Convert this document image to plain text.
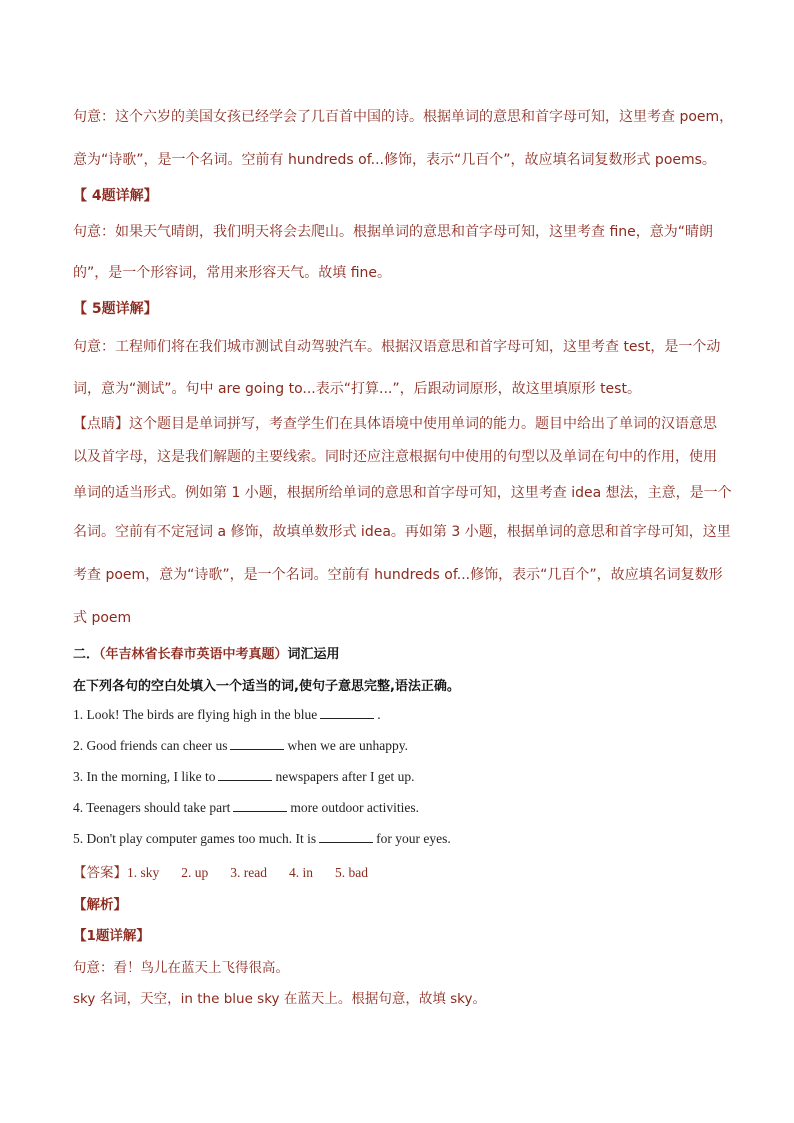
句意：这个六岁的美国女孩已经学会了几百首中国的诗。根据单词的意思和首字母可知，这里考查 poem，
意为“诗歌”，是一个名词。空前有 hundreds of...修饰，表示“几百个”，故应填名词复数形式 poems。
【 4题详解】
句意：如果天气晴朗，我们明天将会去爬山。根据单词的意思和首字母可知，这里考查 fine，意为“晴朗
的”，是一个形容词，常用来形容天气。故填 fine。
【 5题详解】
句意：工程师们将在我们城市测试自动驾驶汽车。根据汉语意思和首字母可知，这里考查 test，是一个动
词，意为“测试”。句中 are going to...表示“打算...”，后跟动词原形，故这里填原形 test。
【点睛】这个题目是单词拼写，考查学生们在具体语境中使用单词的能力。题目中给出了单词的汉语意思
以及首字母，这是我们解题的主要线索。同时还应注意根据句中使用的句型以及单词在句中的作用，使用
单词的适当形式。例如第 1 小题，根据所给单词的意思和首字母可知，这里考查 idea 想法，主意，是一个
名词。空前有不定冠词 a 修饰，故填单数形式 idea。再如第 3 小题，根据单词的意思和首字母可知，这里
考查 poem，意为“诗歌”，是一个名词。空前有 hundreds of...修饰，表示“几百个”，故应填名词复数形
式 poem
二．（年吉林省长春市英语中考真题）词汇运用
在下列各句的空白处填入一个适当的词,使句子意思完整,语法正确。
1. Look! The birds are flying high in the blue	.
2. Good friends can cheer us	when we are unhappy.
3. In the morning, I like to	newspapers after I get up.
4. Teenagers should take part	more outdoor activities.
5. Don't play computer games too much. It is	for your eyes.
【答案】1. sky 2. up 3. read 4. in 5. bad
【解析】
【1题详解】
句意：看！鸟儿在蓝天上飞得很高。
sky 名词，天空，in the blue sky 在蓝天上。根据句意，故填 sky。
